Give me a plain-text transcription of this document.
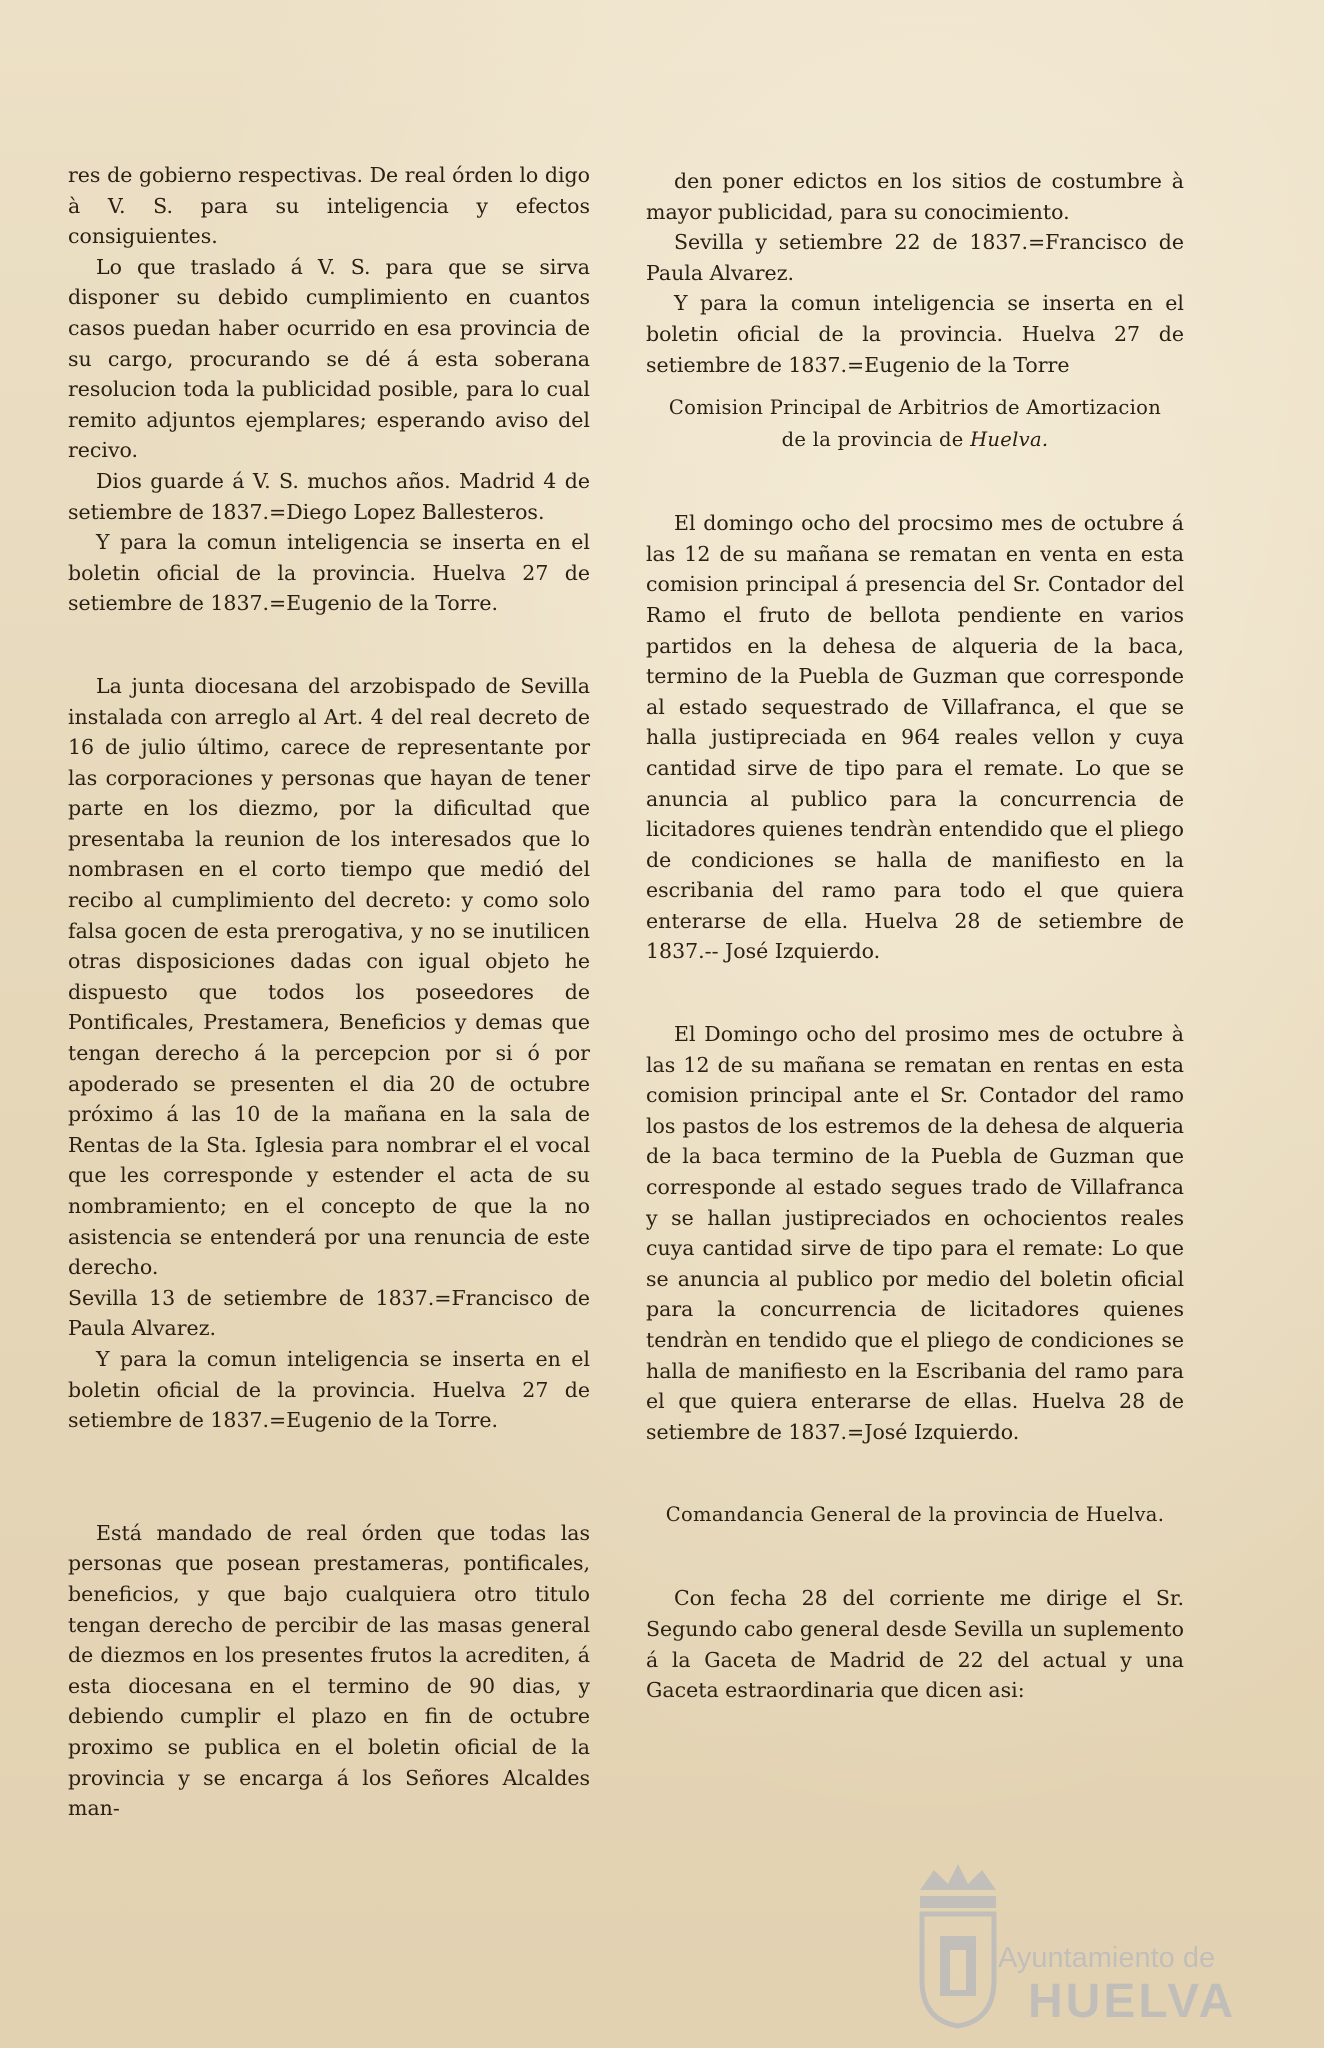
res de gobierno respectivas. De real órden lo digo à V. S. para su inteligencia y efectos consiguientes.

Lo que traslado á V. S. para que se sirva disponer su debido cumplimiento en cuantos casos puedan haber ocurrido en esa provincia de su cargo, procurando se dé á esta soberana resolucion toda la publicidad posible, para lo cual remito adjuntos ejemplares; esperando aviso del recivo.

Dios guarde á V. S. muchos años. Madrid 4 de setiembre de 1837.=Diego Lopez Ballesteros.

Y para la comun inteligencia se inserta en el boletin oficial de la provincia. Huelva 27 de setiembre de 1837.=Eugenio de la Torre.

La junta diocesana del arzobispado de Sevilla instalada con arreglo al Art. 4 del real decreto de 16 de julio último, carece de representante por las corporaciones y personas que hayan de tener parte en los diezmo, por la dificultad que presentaba la reunion de los interesados que lo nombrasen en el corto tiempo que medió del recibo al cumplimiento del decreto: y como solo falsa gocen de esta prerogativa, y no se inutilicen otras disposiciones dadas con igual objeto he dispuesto que todos los poseedores de Pontificales, Prestamera, Beneficios y demas que tengan derecho á la percepcion por si ó por apoderado se presenten el dia 20 de octubre próximo á las 10 de la mañana en la sala de Rentas de la Sta. Iglesia para nombrar el el vocal que les corresponde y estender el acta de su nombramiento; en el concepto de que la no asistencia se entenderá por una renuncia de este derecho.

Sevilla 13 de setiembre de 1837.=Francisco de Paula Alvarez.

Y para la comun inteligencia se inserta en el boletin oficial de la provincia. Huelva 27 de setiembre de 1837.=Eugenio de la Torre.

Está mandado de real órden que todas las personas que posean prestameras, pontificales, beneficios, y que bajo cualquiera otro titulo tengan derecho de percibir de las masas general de diezmos en los presentes frutos la acrediten, á esta diocesana en el termino de 90 dias, y debiendo cumplir el plazo en fin de octubre proximo se publica en el boletin oficial de la provincia y se encarga á los Señores Alcaldes man-

den poner edictos en los sitios de costumbre à mayor publicidad, para su conocimiento.

Sevilla y setiembre 22 de 1837.=Francisco de Paula Alvarez.

Y para la comun inteligencia se inserta en el boletin oficial de la provincia. Huelva 27 de setiembre de 1837.=Eugenio de la Torre

Comision Principal de Arbitrios de Amortizacion

de la provincia de Huelva.

El domingo ocho del procsimo mes de octubre á las 12 de su mañana se rematan en venta en esta comision principal á presencia del Sr. Contador del Ramo el fruto de bellota pendiente en varios partidos en la dehesa de alqueria de la baca, termino de la Puebla de Guzman que corresponde al estado sequestrado de Villafranca, el que se halla justipreciada en 964 reales vellon y cuya cantidad sirve de tipo para el remate. Lo que se anuncia al publico para la concurrencia de licitadores quienes tendràn entendido que el pliego de condiciones se halla de manifiesto en la escribania del ramo para todo el que quiera enterarse de ella. Huelva 28 de setiembre de 1837.-- José Izquierdo.

El Domingo ocho del prosimo mes de octubre à las 12 de su mañana se rematan en rentas en esta comision principal ante el Sr. Contador del ramo los pastos de los estremos de la dehesa de alqueria de la baca termino de la Puebla de Guzman que corresponde al estado segues trado de Villafranca y se hallan justipreciados en ochocientos reales cuya cantidad sirve de tipo para el remate: Lo que se anuncia al publico por medio del boletin oficial para la concurrencia de licitadores quienes tendràn en tendido que el pliego de condiciones se halla de manifiesto en la Escribania del ramo para el que quiera enterarse de ellas. Huelva 28 de setiembre de 1837.=José Izquierdo.

Comandancia General de la provincia de Huelva.

Con fecha 28 del corriente me dirige el Sr. Segundo cabo general desde Sevilla un suplemento á la Gaceta de Madrid de 22 del actual y una Gaceta estraordinaria que dicen asi:

Ayuntamiento de
HUELVA
